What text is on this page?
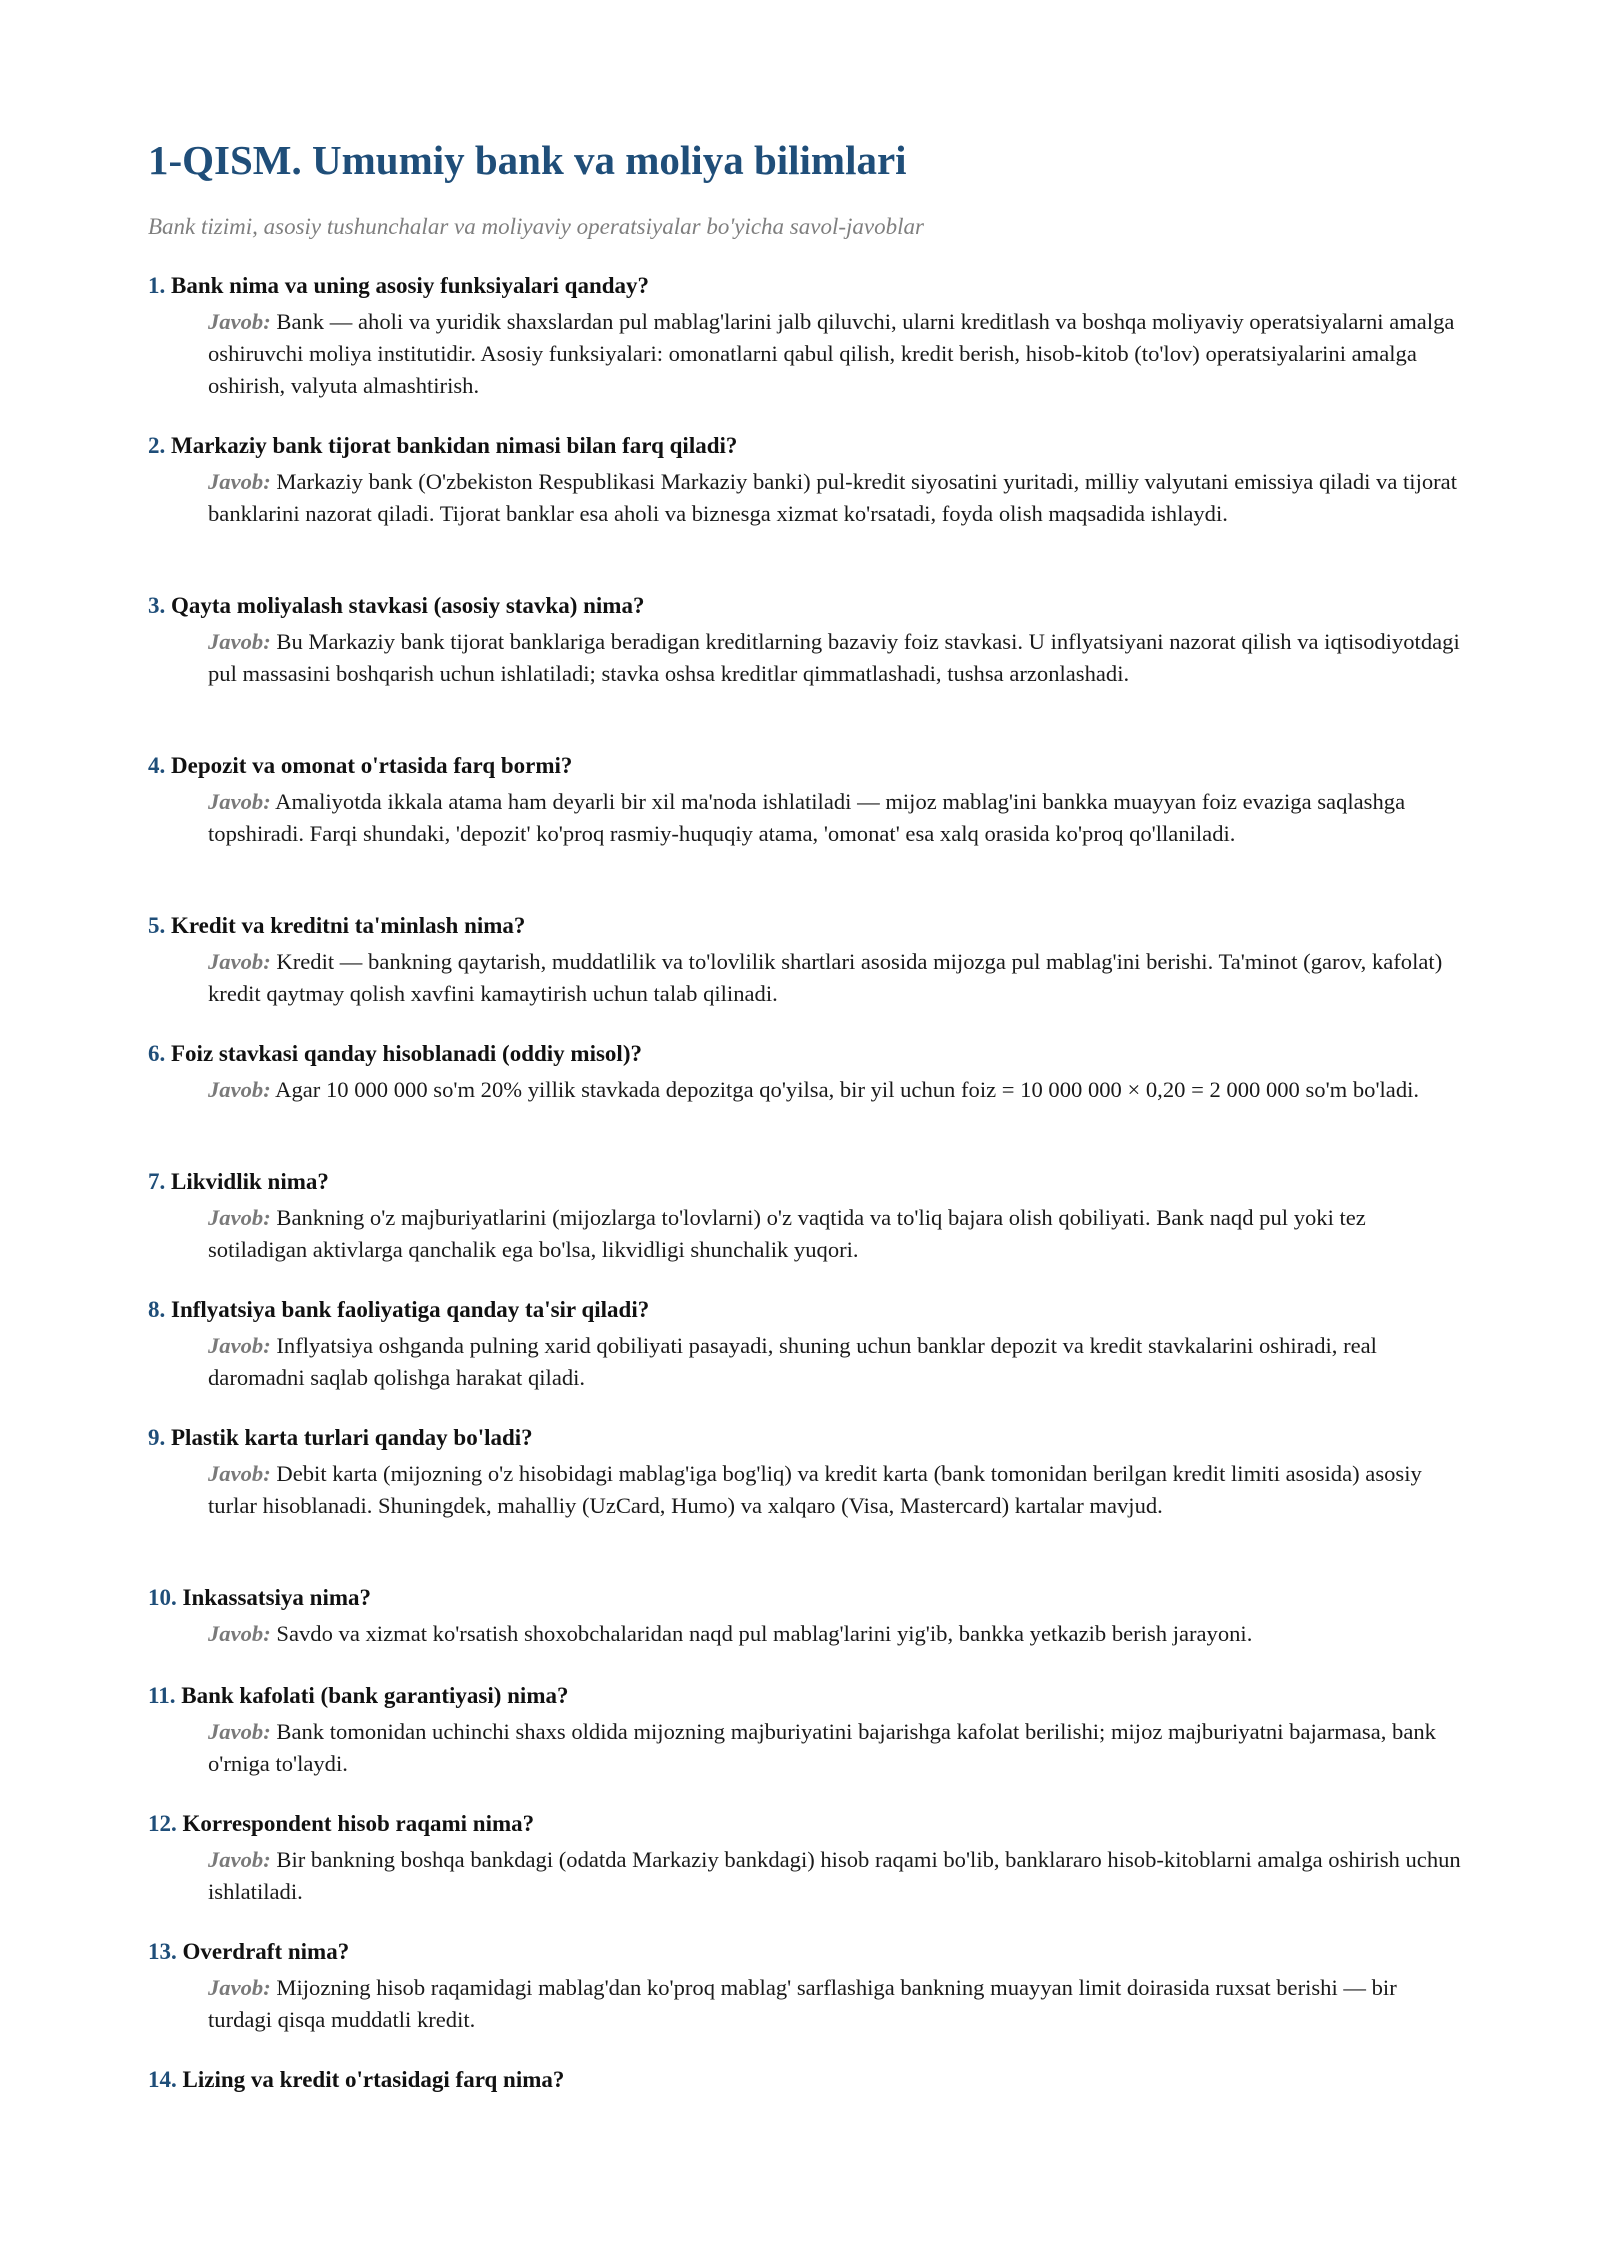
1-QISM. Umumiy bank va moliya bilimlari

Bank tizimi, asosiy tushunchalar va moliyaviy operatsiyalar bo'yicha savol-javoblar

1. Bank nima va uning asosiy funksiyalari qanday?
Javob: Bank — aholi va yuridik shaxslardan pul mablag'larini jalb qiluvchi, ularni kreditlash va boshqa moliyaviy operatsiyalarni amalga oshiruvchi moliya institutidir. Asosiy funksiyalari: omonatlarni qabul qilish, kredit berish, hisob-kitob (to'lov) operatsiyalarini amalga oshirish, valyuta almashtirish.
2. Markaziy bank tijorat bankidan nimasi bilan farq qiladi?
Javob: Markaziy bank (O'zbekiston Respublikasi Markaziy banki) pul-kredit siyosatini yuritadi, milliy valyutani emissiya qiladi va tijorat banklarini nazorat qiladi. Tijorat banklar esa aholi va biznesga xizmat ko'rsatadi, foyda olish maqsadida ishlaydi.
3. Qayta moliyalash stavkasi (asosiy stavka) nima?
Javob: Bu Markaziy bank tijorat banklariga beradigan kreditlarning bazaviy foiz stavkasi. U inflyatsiyani nazorat qilish va iqtisodiyotdagi pul massasini boshqarish uchun ishlatiladi; stavka oshsa kreditlar qimmatlashadi, tushsa arzonlashadi.
4. Depozit va omonat o'rtasida farq bormi?
Javob: Amaliyotda ikkala atama ham deyarli bir xil ma'noda ishlatiladi — mijoz mablag'ini bankka muayyan foiz evaziga saqlashga topshiradi. Farqi shundaki, 'depozit' ko'proq rasmiy-huquqiy atama, 'omonat' esa xalq orasida ko'proq qo'llaniladi.
5. Kredit va kreditni ta'minlash nima?
Javob: Kredit — bankning qaytarish, muddatlilik va to'lovlilik shartlari asosida mijozga pul mablag'ini berishi. Ta'minot (garov, kafolat) kredit qaytmay qolish xavfini kamaytirish uchun talab qilinadi.
6. Foiz stavkasi qanday hisoblanadi (oddiy misol)?
Javob: Agar 10 000 000 so'm 20% yillik stavkada depozitga qo'yilsa, bir yil uchun foiz = 10 000 000 × 0,20 = 2 000 000 so'm bo'ladi.
7. Likvidlik nima?
Javob: Bankning o'z majburiyatlarini (mijozlarga to'lovlarni) o'z vaqtida va to'liq bajara olish qobiliyati. Bank naqd pul yoki tez sotiladigan aktivlarga qanchalik ega bo'lsa, likvidligi shunchalik yuqori.
8. Inflyatsiya bank faoliyatiga qanday ta'sir qiladi?
Javob: Inflyatsiya oshganda pulning xarid qobiliyati pasayadi, shuning uchun banklar depozit va kredit stavkalarini oshiradi, real daromadni saqlab qolishga harakat qiladi.
9. Plastik karta turlari qanday bo'ladi?
Javob: Debit karta (mijozning o'z hisobidagi mablag'iga bog'liq) va kredit karta (bank tomonidan berilgan kredit limiti asosida) asosiy turlar hisoblanadi. Shuningdek, mahalliy (UzCard, Humo) va xalqaro (Visa, Mastercard) kartalar mavjud.
10. Inkassatsiya nima?
Javob: Savdo va xizmat ko'rsatish shoxobchalaridan naqd pul mablag'larini yig'ib, bankka yetkazib berish jarayoni.
11. Bank kafolati (bank garantiyasi) nima?
Javob: Bank tomonidan uchinchi shaxs oldida mijozning majburiyatini bajarishga kafolat berilishi; mijoz majburiyatni bajarmasa, bank o'rniga to'laydi.
12. Korrespondent hisob raqami nima?
Javob: Bir bankning boshqa bankdagi (odatda Markaziy bankdagi) hisob raqami bo'lib, banklararo hisob-kitoblarni amalga oshirish uchun ishlatiladi.
13. Overdraft nima?
Javob: Mijozning hisob raqamidagi mablag'dan ko'proq mablag' sarflashiga bankning muayyan limit doirasida ruxsat berishi — bir turdagi qisqa muddatli kredit.
14. Lizing va kredit o'rtasidagi farq nima?
